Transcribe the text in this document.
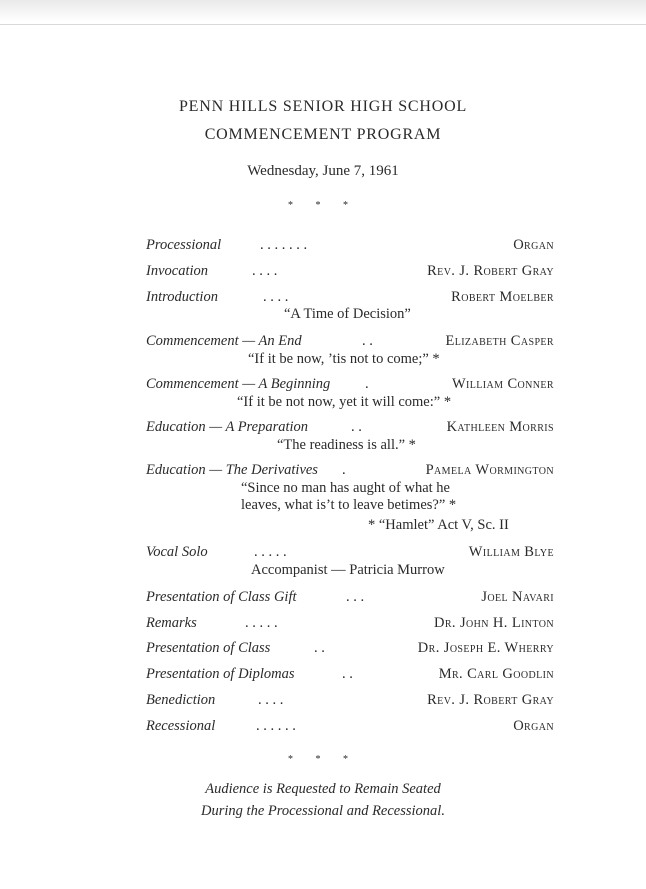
PENN HILLS SENIOR HIGH SCHOOL
COMMENCEMENT PROGRAM
Wednesday, June 7, 1961
* * *
Processional	. . . . . . .	Organ
Invocation	. . . .	Rev. J. Robert Gray
Introduction	. . . .	Robert Moelber
“A Time of Decision”
Commencement — An End	. .	Elizabeth Casper
“If it be now, ’tis not to come;” *
Commencement — A Beginning .	William Conner
“If it be not now, yet it will come:” *
Education — A Preparation	. .	Kathleen Morris
“The readiness is all.” *
Education — The Derivatives .	Pamela Wormington
“Since no man has aught of what he
leaves, what is’t to leave betimes?” *
* “Hamlet” Act V, Sc. II
Vocal Solo	. . . . .	William Blye
Accompanist — Patricia Murrow
Presentation of Class Gift	. . .	Joel Navari
Remarks	. . . . .	Dr. John H. Linton
Presentation of Class	. .	Dr. Joseph E. Wherry
Presentation of Diplomas	. .	Mr. Carl Goodlin
Benediction	. . . .	Rev. J. Robert Gray
Recessional	. . . . . .	Organ
* * *
Audience is Requested to Remain Seated
During the Processional and Recessional.
